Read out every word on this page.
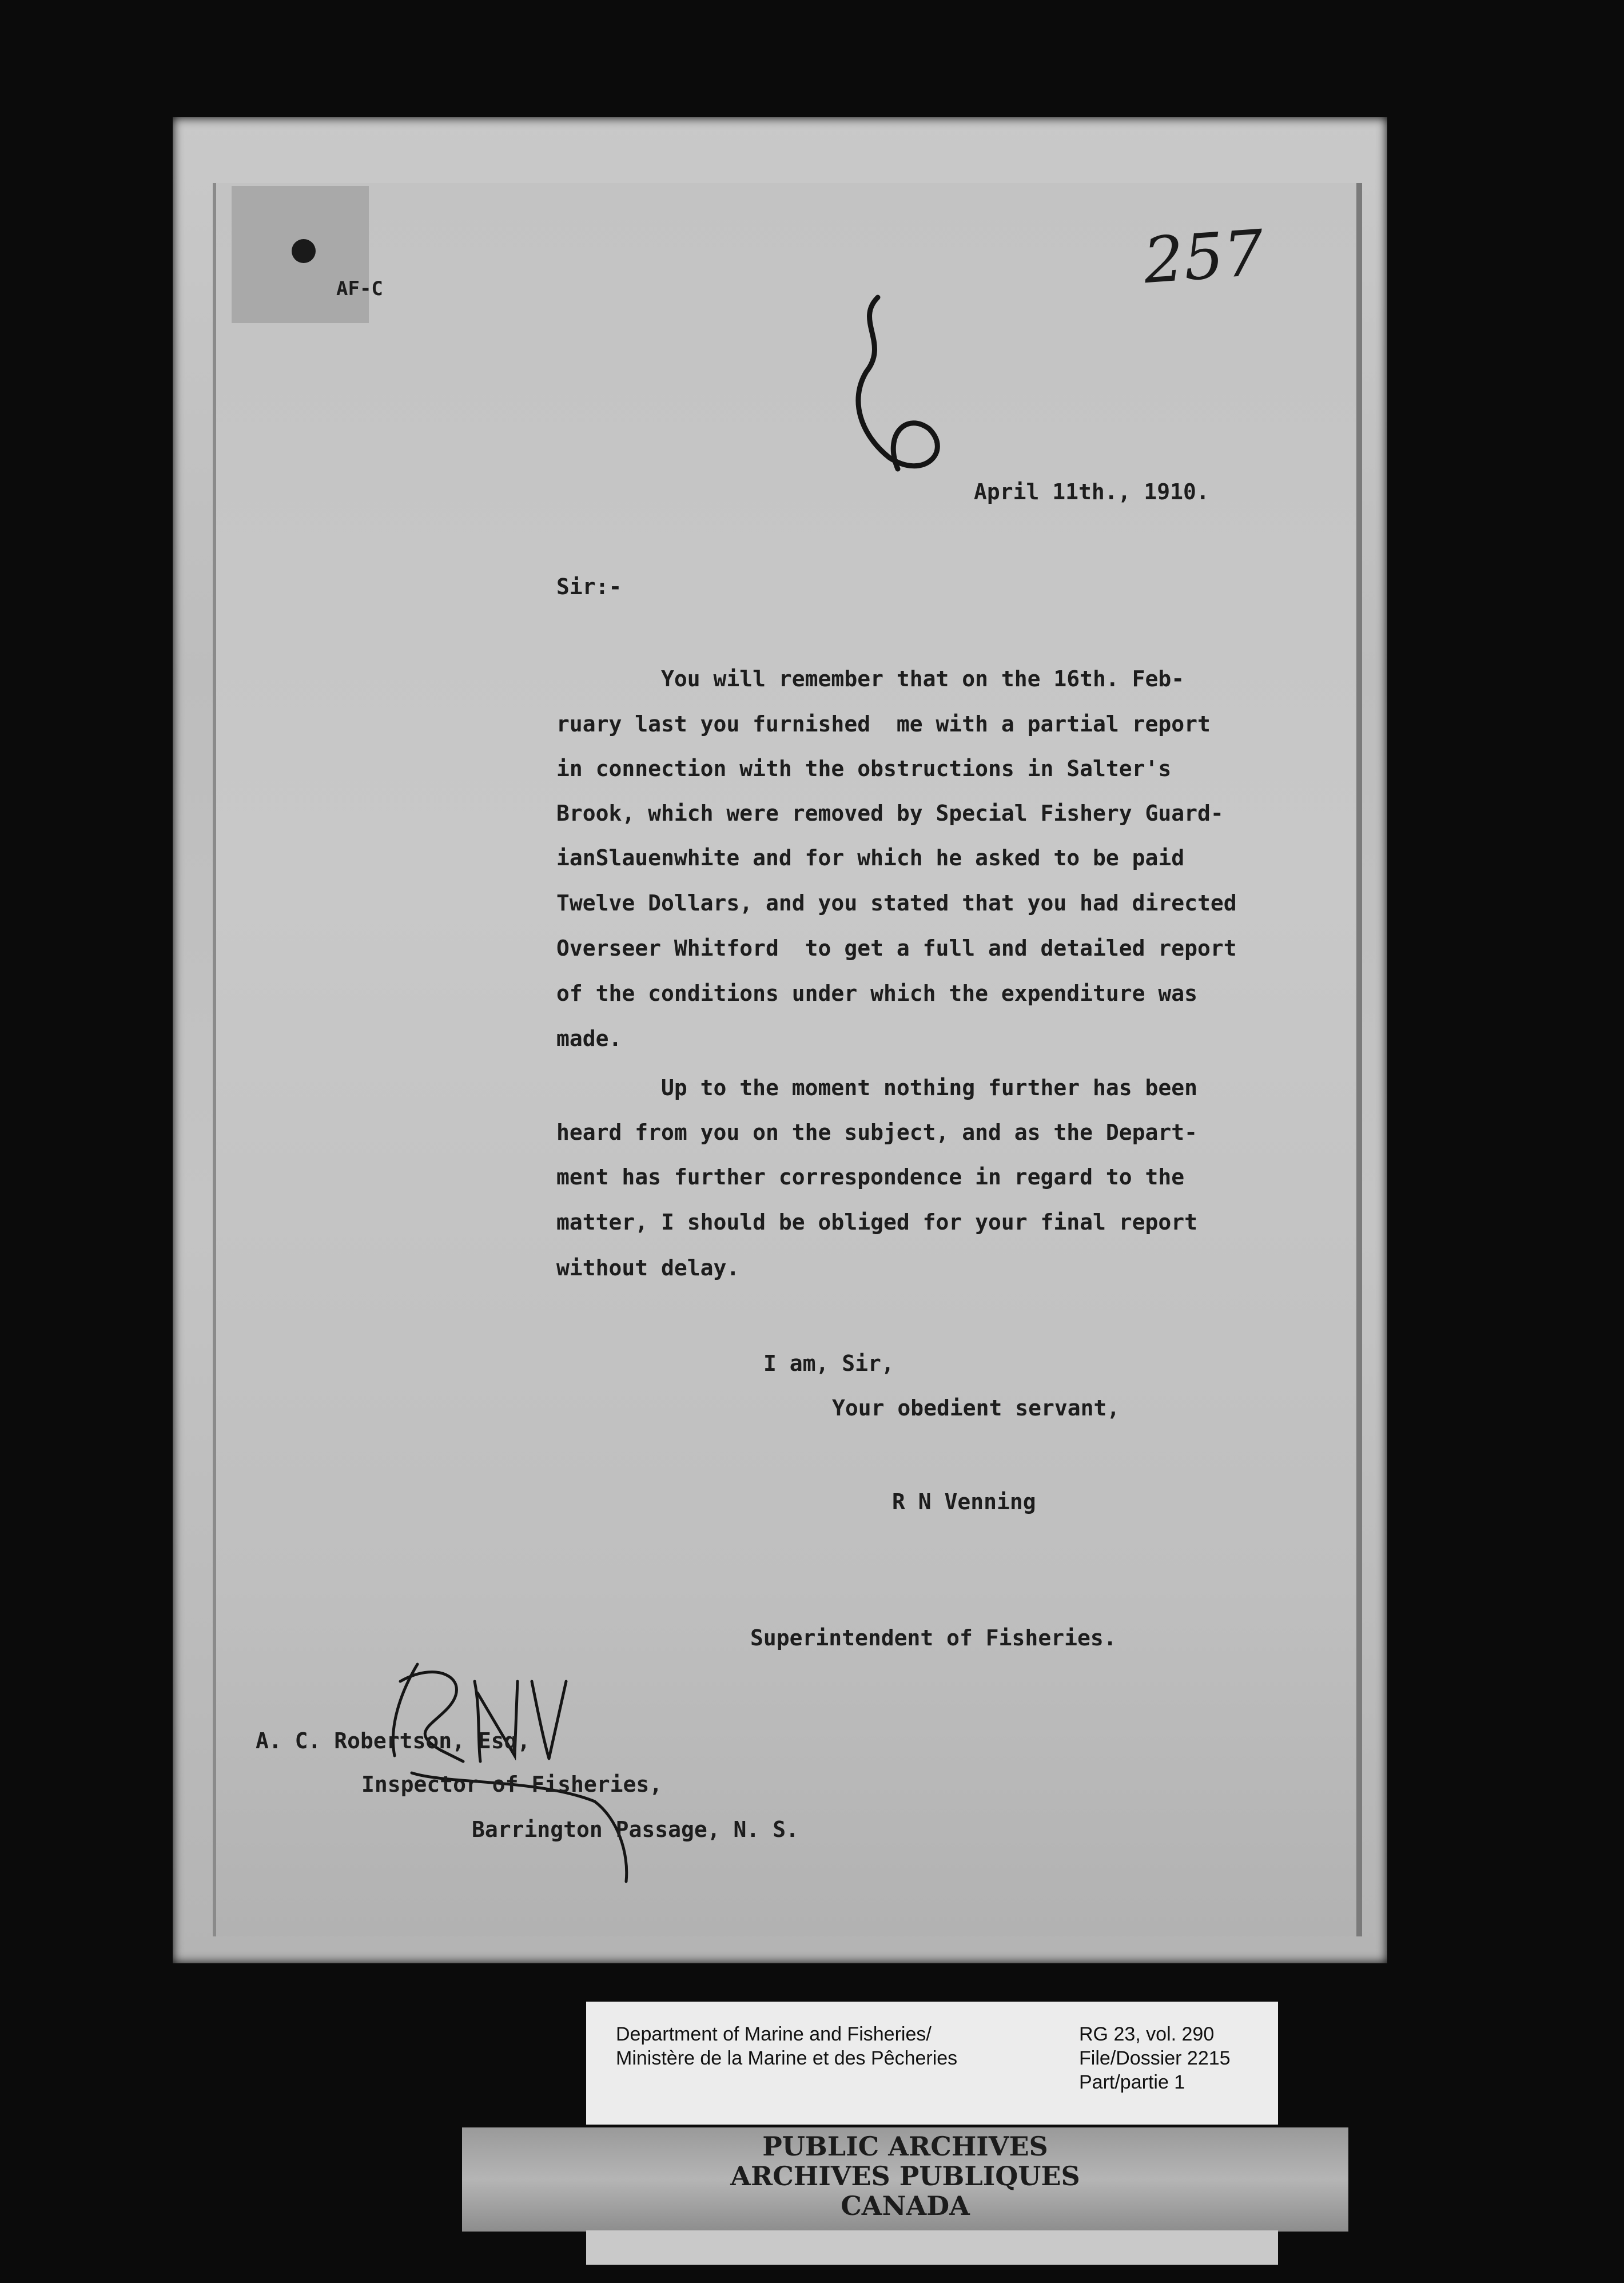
AF-C	257
April 11th., 1910.
Sir:-
You will remember that on the 16th. Feb-
ruary last you furnished  me with a partial report
in connection with the obstructions in Salter's
Brook, which were removed by Special Fishery Guard-
ianSlauenwhite and for which he asked to be paid
Twelve Dollars, and you stated that you had directed
Overseer Whitford  to get a full and detailed report
of the conditions under which the expenditure was
made.
Up to the moment nothing further has been
heard from you on the subject, and as the Depart-
ment has further correspondence in regard to the
matter, I should be obliged for your final report
without delay.
I am, Sir,
Your obedient servant,
R N Venning
Superintendent of Fisheries.
A. C. Robertson, Esq,
Inspector of Fisheries,
Barrington Passage, N. S.
Department of Marine and Fisheries/
Ministère de la Marine et des Pêcheries
RG 23, vol. 290
File/Dossier 2215
Part/partie 1
PUBLIC ARCHIVES
ARCHIVES PUBLIQUES
CANADA
